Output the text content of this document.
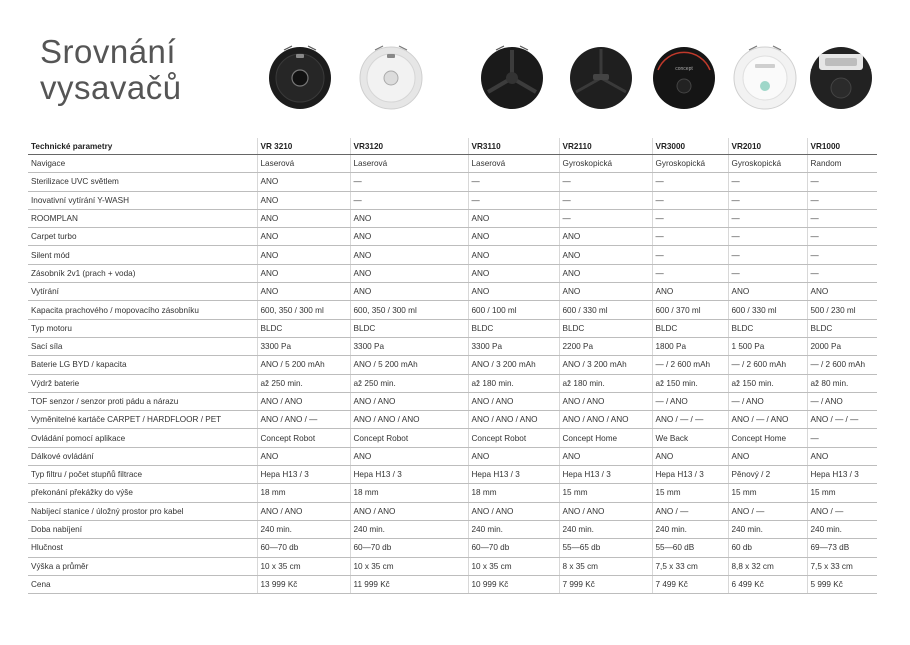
Srovnání
vysavačů	concept
Technické parametry	VR 3210	VR3120	VR3110	VR2110	VR3000	VR2010	VR1000
Navigace	Laserová	Laserová	Laserová	Gyroskopická	Gyroskopická	Gyroskopická	Random
Sterilizace UVC světlem	ANO	—	—	—	—	—	—
Inovativní vytírání Y-WASH	ANO	—	—	—	—	—	—
ROOMPLAN	ANO	ANO	ANO	—	—	—	—
Carpet turbo	ANO	ANO	ANO	ANO	—	—	—
Silent mód	ANO	ANO	ANO	ANO	—	—	—
Zásobník 2v1 (prach + voda)	ANO	ANO	ANO	ANO	—	—	—
Vytírání	ANO	ANO	ANO	ANO	ANO	ANO	ANO
Kapacita prachového / mopovacího zásobníku	600, 350 / 300 ml	600, 350 / 300 ml	600 / 100 ml	600 / 330 ml	600 / 370 ml	600 / 330 ml	500 / 230 ml
Typ motoru	BLDC	BLDC	BLDC	BLDC	BLDC	BLDC	BLDC
Sací síla	3300 Pa	3300 Pa	3300 Pa	2200 Pa	1800 Pa	1 500 Pa	2000 Pa
Baterie LG BYD / kapacita	ANO / 5 200 mAh	ANO / 5 200 mAh	ANO / 3 200 mAh	ANO / 3 200 mAh	— / 2 600 mAh	— / 2 600 mAh	— / 2 600 mAh
Výdrž baterie	až 250 min.	až 250 min.	až 180 min.	až 180 min.	až 150 min.	až 150 min.	až 80 min.
TOF senzor / senzor proti pádu a nárazu	ANO / ANO	ANO / ANO	ANO / ANO	ANO / ANO	— / ANO	— / ANO	— / ANO
Vyměnitelné kartáče CARPET / HARDFLOOR / PET	ANO / ANO / —	ANO / ANO / ANO	ANO / ANO / ANO	ANO / ANO / ANO	ANO / — / —	ANO / — / ANO	ANO / — / —
Ovládání pomocí aplikace	Concept Robot	Concept Robot	Concept Robot	Concept Home	We Back	Concept Home	—
Dálkové ovládání	ANO	ANO	ANO	ANO	ANO	ANO	ANO
Typ filtru / počet stupňů filtrace	Hepa H13 / 3	Hepa H13 / 3	Hepa H13 / 3	Hepa H13 / 3	Hepa H13 / 3	Pěnový / 2	Hepa H13 / 3
překonání překážky do výše	18 mm	18 mm	18 mm	15 mm	15 mm	15 mm	15 mm
Nabíjecí stanice / úložný prostor pro kabel	ANO / ANO	ANO / ANO	ANO / ANO	ANO / ANO	ANO / —	ANO / —	ANO / —
Doba nabíjení	240 min.	240 min.	240 min.	240 min.	240 min.	240 min.	240 min.
Hlučnost	60—70 db	60—70 db	60—70 db	55—65 db	55—60 dB	60 db	69—73 dB
Výška a průměr	10 x 35 cm	10 x 35 cm	10 x 35 cm	8 x 35 cm	7,5 x 33 cm	8,8 x 32 cm	7,5 x 33 cm
Cena	13 999 Kč	11 999 Kč	10 999 Kč	7 999 Kč	7 499 Kč	6 499 Kč	5 999 Kč
